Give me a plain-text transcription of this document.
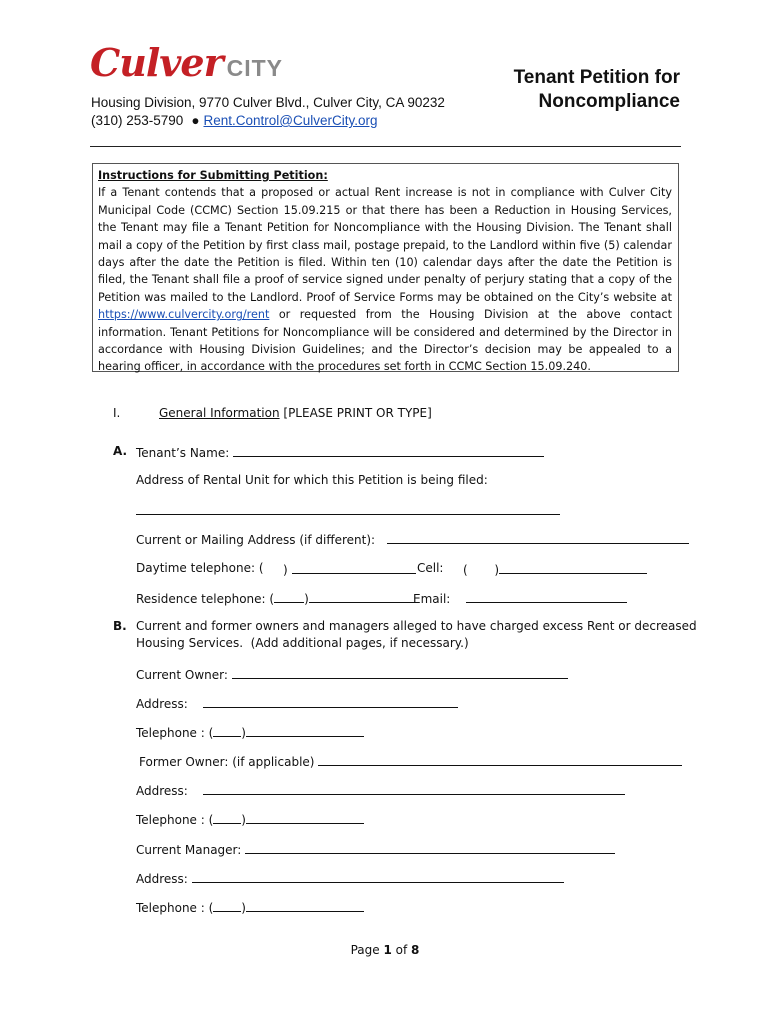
Culver CITY
Housing Division, 9770 Culver Blvd., Culver City, CA 90232
(310) 253-5790 ● Rent.Control@CulverCity.org
Tenant Petition for
Noncompliance
Instructions for Submitting Petition:
If a Tenant contends that a proposed or actual Rent increase is not in compliance with Culver City Municipal Code (CCMC) Section 15.09.215 or that there has been a Reduction in Housing Services, the Tenant may file a Tenant Petition for Noncompliance with the Housing Division. The Tenant shall mail a copy of the Petition by first class mail, postage prepaid, to the Landlord within five (5) calendar days after the date the Petition is filed. Within ten (10) calendar days after the date the Petition is filed, the Tenant shall file a proof of service signed under penalty of perjury stating that a copy of the Petition was mailed to the Landlord. Proof of Service Forms may be obtained on the City’s website at https://www.culvercity.org/rent or requested from the Housing Division at the above contact information. Tenant Petitions for Noncompliance will be considered and determined by the Director in accordance with Housing Division Guidelines; and the Director’s decision may be appealed to a hearing officer, in accordance with the procedures set forth in CCMC Section 15.09.240.
I.	General Information [PLEASE PRINT OR TYPE]
A. Tenant’s Name:
Address of Rental Unit for which this Petition is being filed:
Current or Mailing Address (if different):
Daytime telephone: ( )	Cell: (       )
Residence telephone: (	)	Email:
B. Current and former owners and managers alleged to have charged excess Rent or decreased
Housing Services.  (Add additional pages, if necessary.)
Current Owner:
Address:
Telephone : ( )
Former Owner: (if applicable)
Address:
Telephone : ( )
Current Manager:
Address:
Telephone : ( )
Page 1 of 8
